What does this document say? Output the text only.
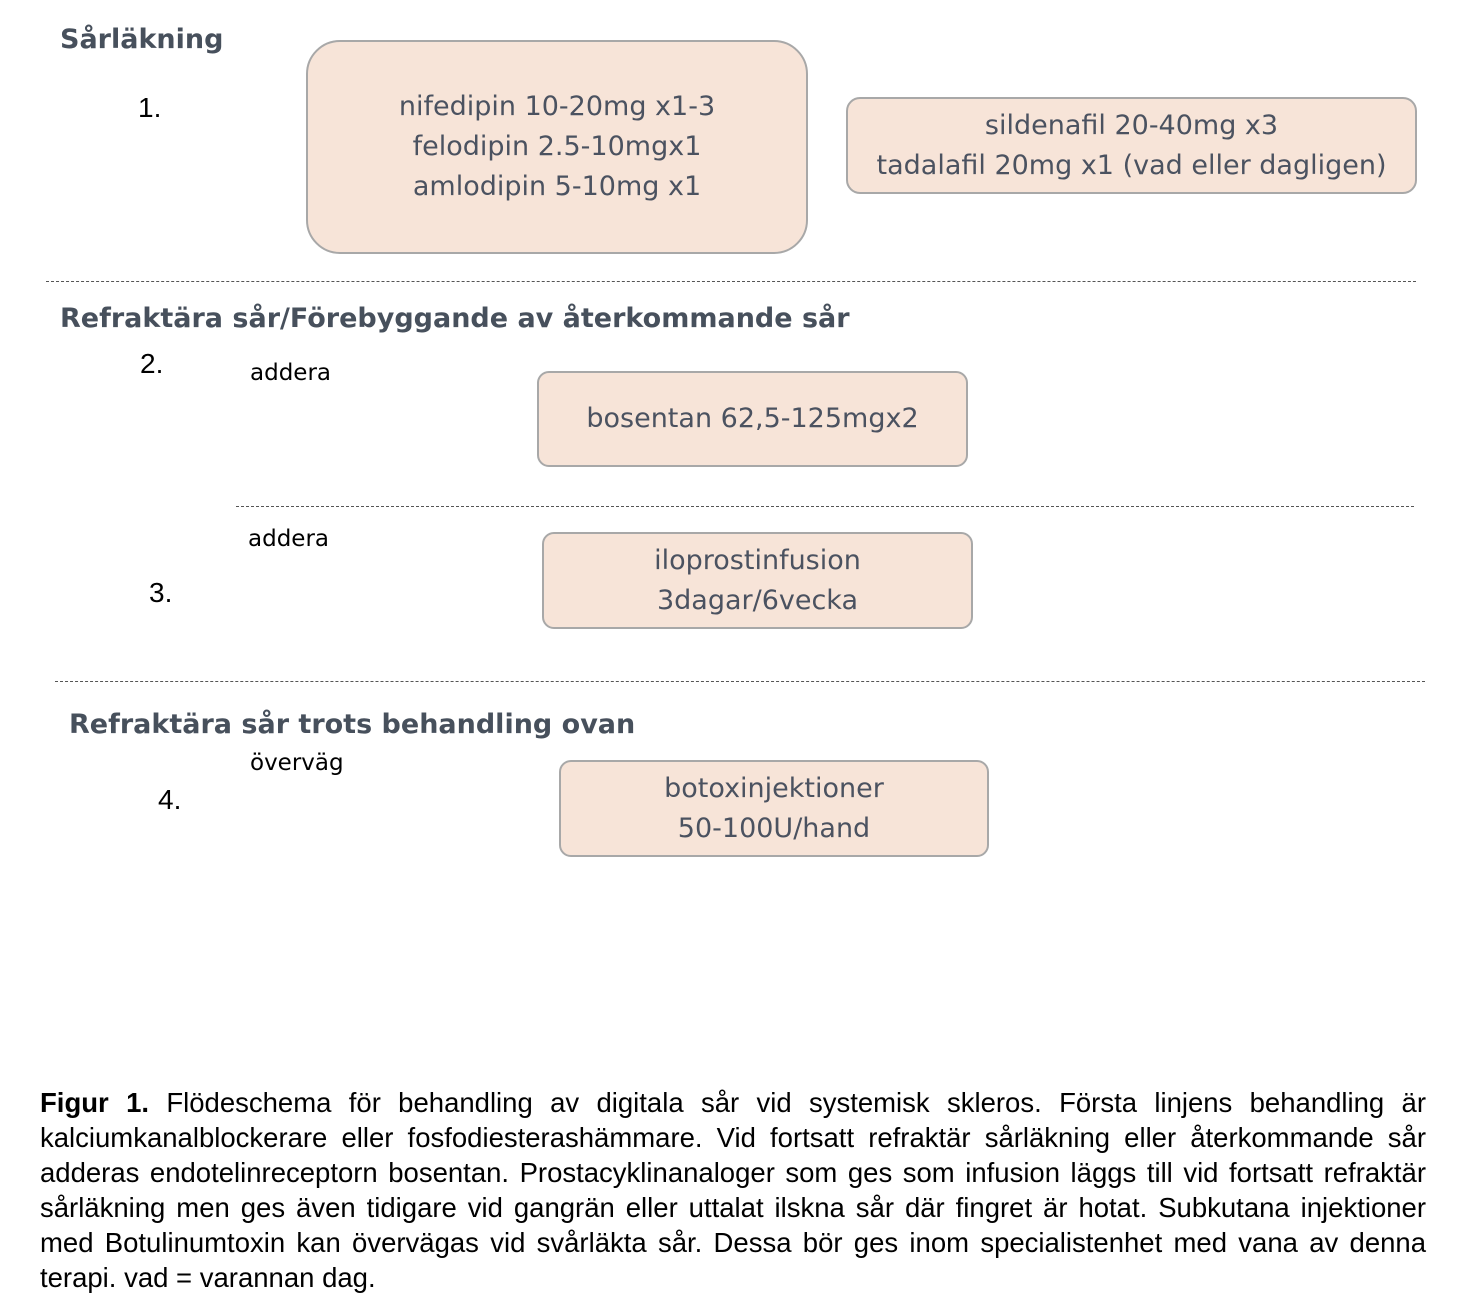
Sårläkning
1.	nifedipin 10-20mg x1-3
felodipin 2.5-10mgx1
amlodipin 5-10mg x1
sildenafil 20-40mg x3
tadalafil 20mg x1 (vad eller dagligen)
Refraktära sår/Förebyggande av återkommande sår
2.	addera
bosentan 62,5-125mgx2
addera
3.
iloprostinfusion
3dagar/6vecka
Refraktära sår trots behandling ovan
överväg
4.	botoxinjektioner
50-100U/hand
Figur 1. Flödeschema för behandling av digitala sår vid systemisk skleros. Första linjens behandling är kalciumkanalblockerare eller fosfodiesterashämmare. Vid fortsatt refraktär sårläkning eller återkommande sår adderas endotelinreceptorn bosentan. Prostacyklinanaloger som ges som infusion läggs till vid fortsatt refraktär sårläkning men ges även tidigare vid gangrän eller uttalat ilskna sår där fingret är hotat. Subkutana injektioner med Botulinumtoxin kan övervägas vid svårläkta sår. Dessa bör ges inom specialistenhet med vana av denna terapi. vad = varannan dag.
